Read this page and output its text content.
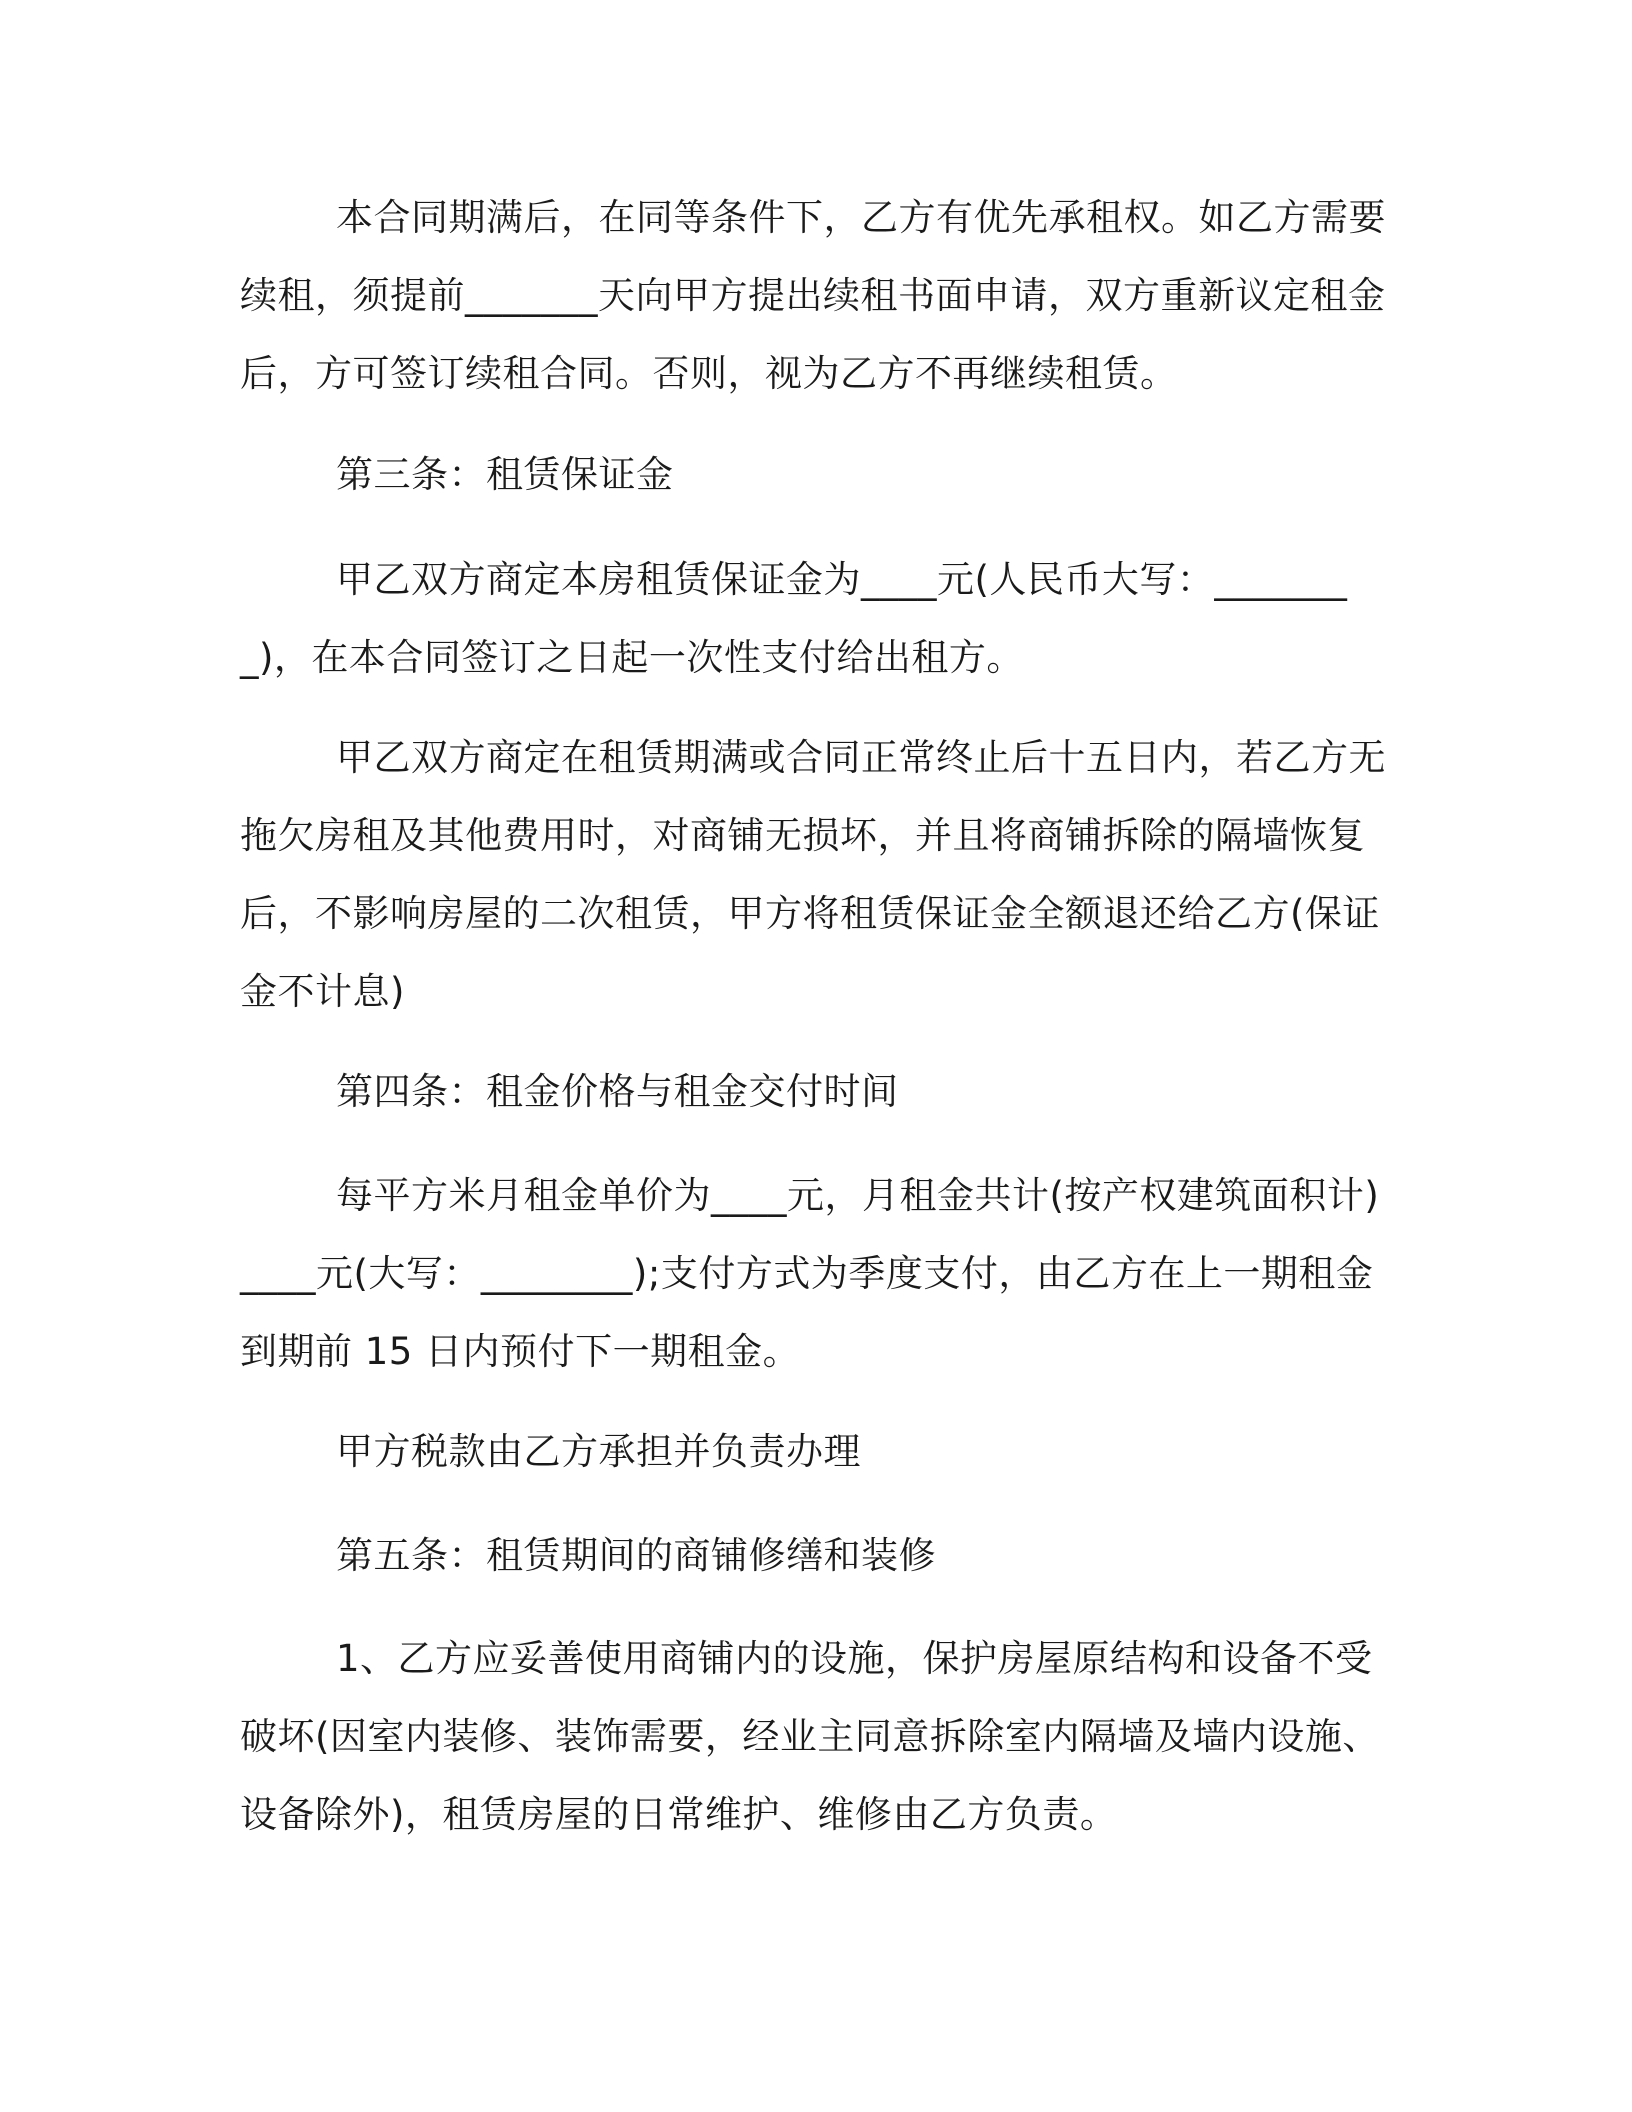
本合同期满后，在同等条件下，乙方有优先承租权。如乙方需要续租，须提前_______天向甲方提出续租书面申请，双方重新议定租金后，方可签订续租合同。否则，视为乙方不再继续租赁。

第三条：租赁保证金

甲乙双方商定本房租赁保证金为____元(人民币大写：________)，在本合同签订之日起一次性支付给出租方。

甲乙双方商定在租赁期满或合同正常终止后十五日内，若乙方无拖欠房租及其他费用时，对商铺无损坏，并且将商铺拆除的隔墙恢复后，不影响房屋的二次租赁，甲方将租赁保证金全额退还给乙方(保证金不计息)

第四条：租金价格与租金交付时间

每平方米月租金单价为____元，月租金共计(按产权建筑面积计)____元(大写：________);支付方式为季度支付，由乙方在上一期租金到期前 15 日内预付下一期租金。

甲方税款由乙方承担并负责办理

第五条：租赁期间的商铺修缮和装修

1、乙方应妥善使用商铺内的设施，保护房屋原结构和设备不受破坏(因室内装修、装饰需要，经业主同意拆除室内隔墙及墙内设施、设备除外)，租赁房屋的日常维护、维修由乙方负责。
